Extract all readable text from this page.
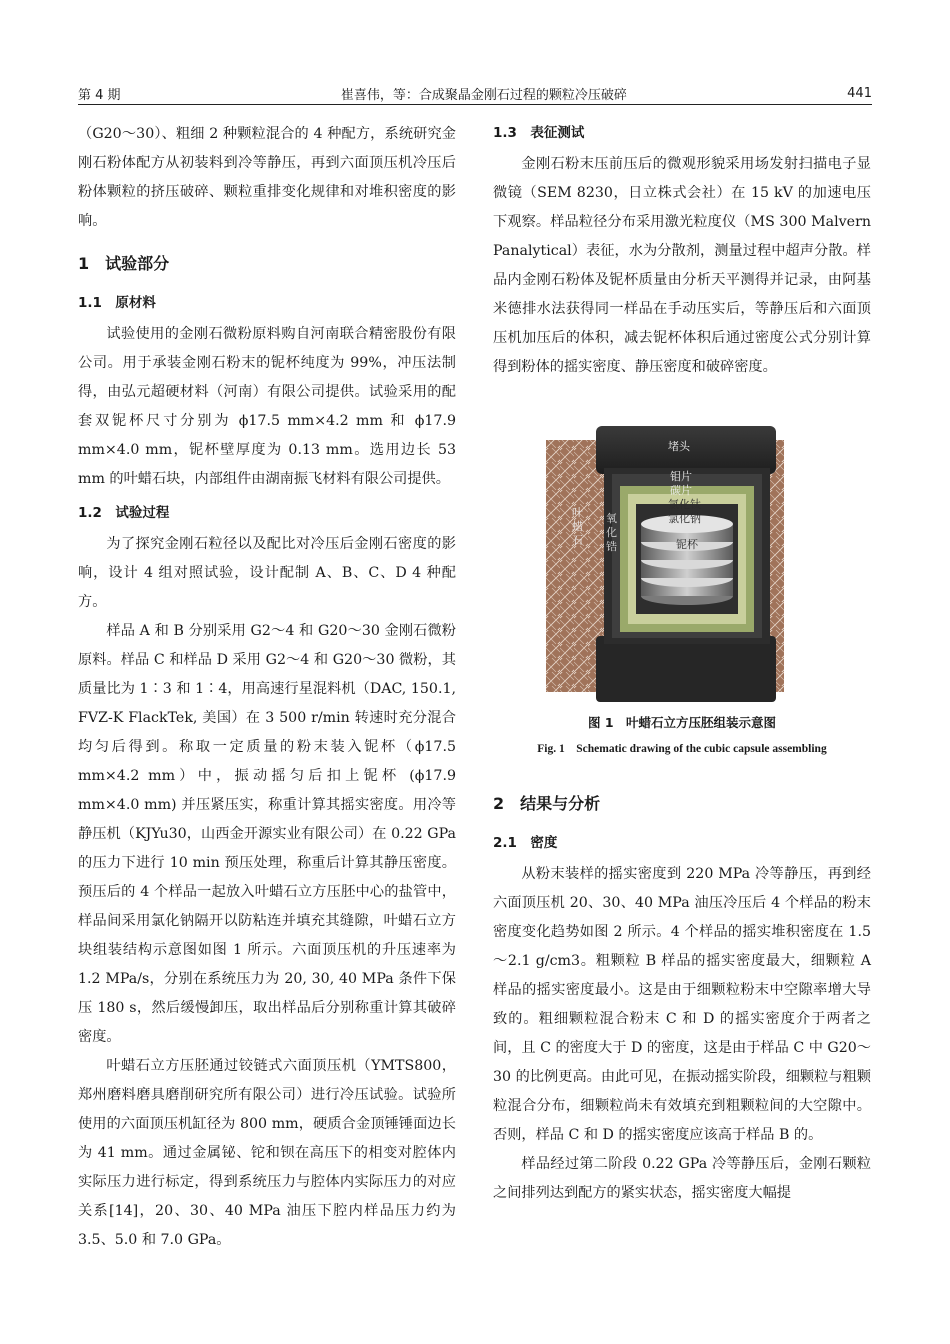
第 4 期	崔喜伟，等：合成聚晶金刚石过程的颗粒冷压破碎	441

（G20～30）、粗细 2 种颗粒混合的 4 种配方，系统研究金刚石粉体配方从初装料到冷等静压，再到六面顶压机冷压后粉体颗粒的挤压破碎、颗粒重排变化规律和对堆积密度的影响。

1　试验部分
1.1　原材料

试验使用的金刚石微粉原料购自河南联合精密股份有限公司。用于承装金刚石粉末的铌杯纯度为 99%，冲压法制得，由弘元超硬材料（河南）有限公司提供。试验采用的配套双铌杯尺寸分别为 ϕ17.5 mm×4.2 mm 和 ϕ17.9 mm×4.0 mm，铌杯壁厚度为 0.13 mm。选用边长 53 mm 的叶蜡石块，内部组件由湖南振飞材料有限公司提供。

1.2　试验过程

为了探究金刚石粒径以及配比对冷压后金刚石密度的影响，设计 4 组对照试验，设计配制 A、B、C、D 4 种配方。

样品 A 和 B 分别采用 G2～4 和 G20～30 金刚石微粉原料。样品 C 和样品 D 采用 G2～4 和 G20～30 微粉，其质量比为 1∶3 和 1∶4，用高速行星混料机（DAC, 150.1, FVZ-K FlackTek, 美国）在 3 500 r/min 转速时充分混合均匀后得到。称取一定质量的粉末装入铌杯（ϕ17.5 mm×4.2 mm）中，振动摇匀后扣上铌杯 (ϕ17.9 mm×4.0 mm) 并压紧压实，称重计算其摇实密度。用冷等静压机（KJYu30，山西金开源实业有限公司）在 0.22 GPa 的压力下进行 10 min 预压处理，称重后计算其静压密度。预压后的 4 个样品一起放入叶蜡石立方压胚中心的盐管中，样品间采用氯化钠隔开以防粘连并填充其缝隙，叶蜡石立方块组装结构示意图如图 1 所示。六面顶压机的升压速率为 1.2 MPa/s，分别在系统压力为 20, 30, 40 MPa 条件下保压 180 s，然后缓慢卸压，取出样品后分别称重计算其破碎密度。

叶蜡石立方压胚通过铰链式六面顶压机（YMTS800，郑州磨料磨具磨削研究所有限公司）进行冷压试验。试验所使用的六面顶压机缸径为 800 mm，硬质合金顶锤锤面边长为 41 mm。通过金属铋、铊和钡在高压下的相变对腔体内实际压力进行标定，得到系统压力与腔体内实际压力的对应关系[14]，20、30、40 MPa 油压下腔内样品压力约为 3.5、5.0 和 7.0 GPa。

1.3　表征测试

金刚石粉末压前压后的微观形貌采用场发射扫描电子显微镜（SEM 8230，日立株式会社）在 15 kV 的加速电压下观察。样品粒径分布采用激光粒度仪（MS 300 Malvern Panalytical）表征，水为分散剂，测量过程中超声分散。样品内金刚石粉体及铌杯质量由分析天平测得并记录，由阿基米德排水法获得同一样品在手动压实后，等静压后和六面顶压机加压后的体积，减去铌杯体积后通过密度公式分别计算得到粉体的摇实密度、静压密度和破碎密度。

堵头
钼片
碳片
氯化钛
氯化钠
铌杯
叶蜡石
氧化锆
图 1　叶蜡石立方压胚组装示意图
Fig. 1　Schematic drawing of the cubic capsule assembling
2　结果与分析
2.1　密度

从粉末装样的摇实密度到 220 MPa 冷等静压，再到经六面顶压机 20、30、40 MPa 油压冷压后 4 个样品的粉末密度变化趋势如图 2 所示。4 个样品的摇实堆积密度在 1.5～2.1 g/cm3。粗颗粒 B 样品的摇实密度最大，细颗粒 A 样品的摇实密度最小。这是由于细颗粒粉末中空隙率增大导致的。粗细颗粒混合粉末 C 和 D 的摇实密度介于两者之间，且 C 的密度大于 D 的密度，这是由于样品 C 中 G20～30 的比例更高。由此可见，在振动摇实阶段，细颗粒与粗颗粒混合分布，细颗粒尚未有效填充到粗颗粒间的大空隙中。否则，样品 C 和 D 的摇实密度应该高于样品 B 的。

样品经过第二阶段 0.22 GPa 冷等静压后，金刚石颗粒之间排列达到配方的紧实状态，摇实密度大幅提
